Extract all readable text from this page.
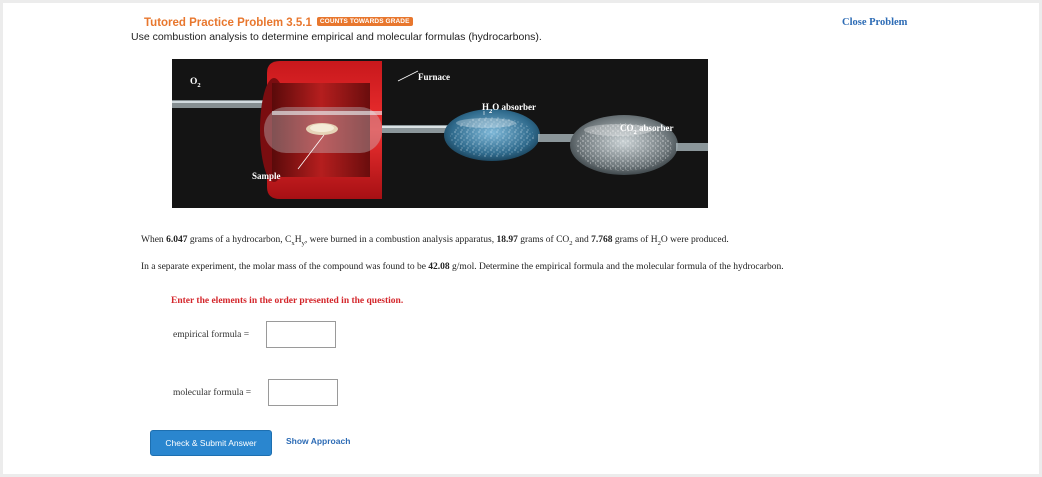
Tutored Practice Problem 3.5.1 COUNTS TOWARDS GRADE
Use combustion analysis to determine empirical and molecular formulas (hydrocarbons).
Close Problem
$O_2$
Furnace
$H_2O$ absorber
$CO_2$ absorber
Sample
When 6.047 grams of a hydrocarbon, $C_xH_y$, were burned in a combustion analysis apparatus, 18.97 grams of $CO_2$ and 7.768 grams of $H_2O$ were produced.
In a separate experiment, the molar mass of the compound was found to be 42.08 g/mol. Determine the empirical formula and the molecular formula of the hydrocarbon.
Enter the elements in the order presented in the question.
empirical formula =
molecular formula =
Check & Submit Answer	Show Approach
